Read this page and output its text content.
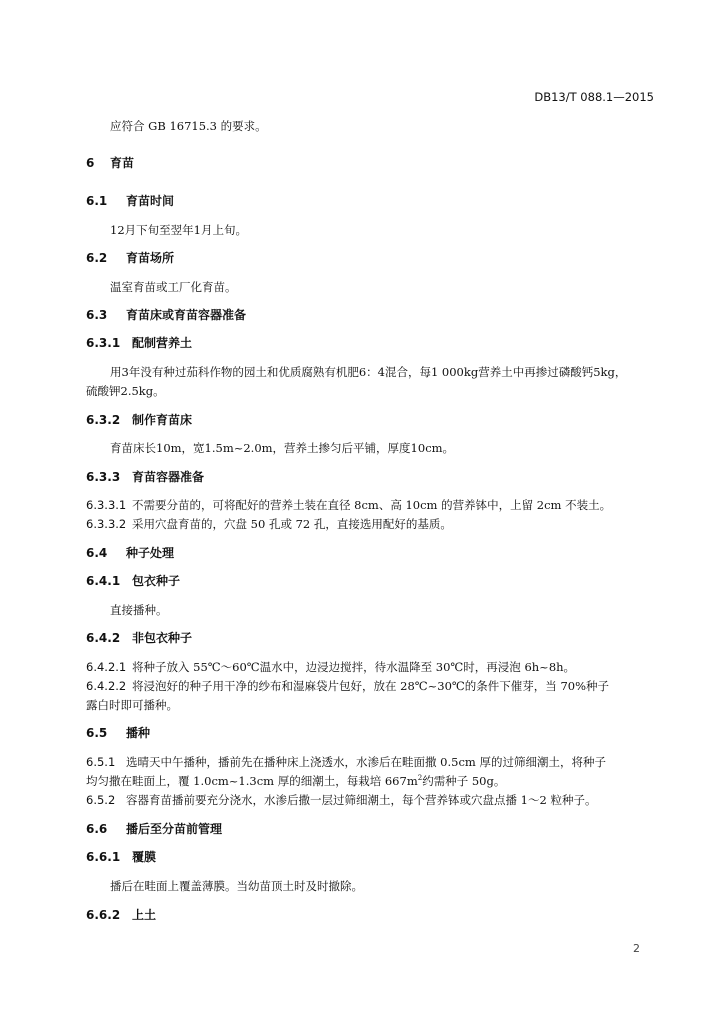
DB13/T 088.1—2015
应符合 GB 16715.3 的要求。
6 育苗
6.1 育苗时间
12月下旬至翌年1月上旬。
6.2 育苗场所
温室育苗或工厂化育苗。
6.3 育苗床或育苗容器准备
6.3.1 配制营养土
用3年没有种过茄科作物的园土和优质腐熟有机肥6：4混合，每1 000kg营养土中再掺过磷酸钙5kg，
硫酸钾2.5kg。
6.3.2 制作育苗床
育苗床长10m，宽1.5m~2.0m，营养土掺匀后平铺，厚度10cm。
6.3.3 育苗容器准备
6.3.3.1 不需要分苗的，可将配好的营养土装在直径 8cm、高 10cm 的营养钵中，上留 2cm 不装土。
6.3.3.2 采用穴盘育苗的，穴盘 50 孔或 72 孔，直接选用配好的基质。
6.4 种子处理
6.4.1 包衣种子
直接播种。
6.4.2 非包衣种子
6.4.2.1 将种子放入 55℃～60℃温水中，边浸边搅拌，待水温降至 30℃时，再浸泡 6h~8h。
6.4.2.2 将浸泡好的种子用干净的纱布和湿麻袋片包好，放在 28℃~30℃的条件下催芽，当 70%种子
露白时即可播种。
6.5 播种
6.5.1 选晴天中午播种，播前先在播种床上浇透水，水渗后在畦面撒 0.5cm 厚的过筛细潮土，将种子
均匀撒在畦面上，覆 1.0cm~1.3cm 厚的细潮土，每栽培 $667m^2$约需种子 50g。
6.5.2 容器育苗播前要充分浇水，水渗后撒一层过筛细潮土，每个营养钵或穴盘点播 1～2 粒种子。
6.6 播后至分苗前管理
6.6.1 覆膜
播后在畦面上覆盖薄膜。当幼苗顶土时及时撤除。
6.6.2 上土
2
